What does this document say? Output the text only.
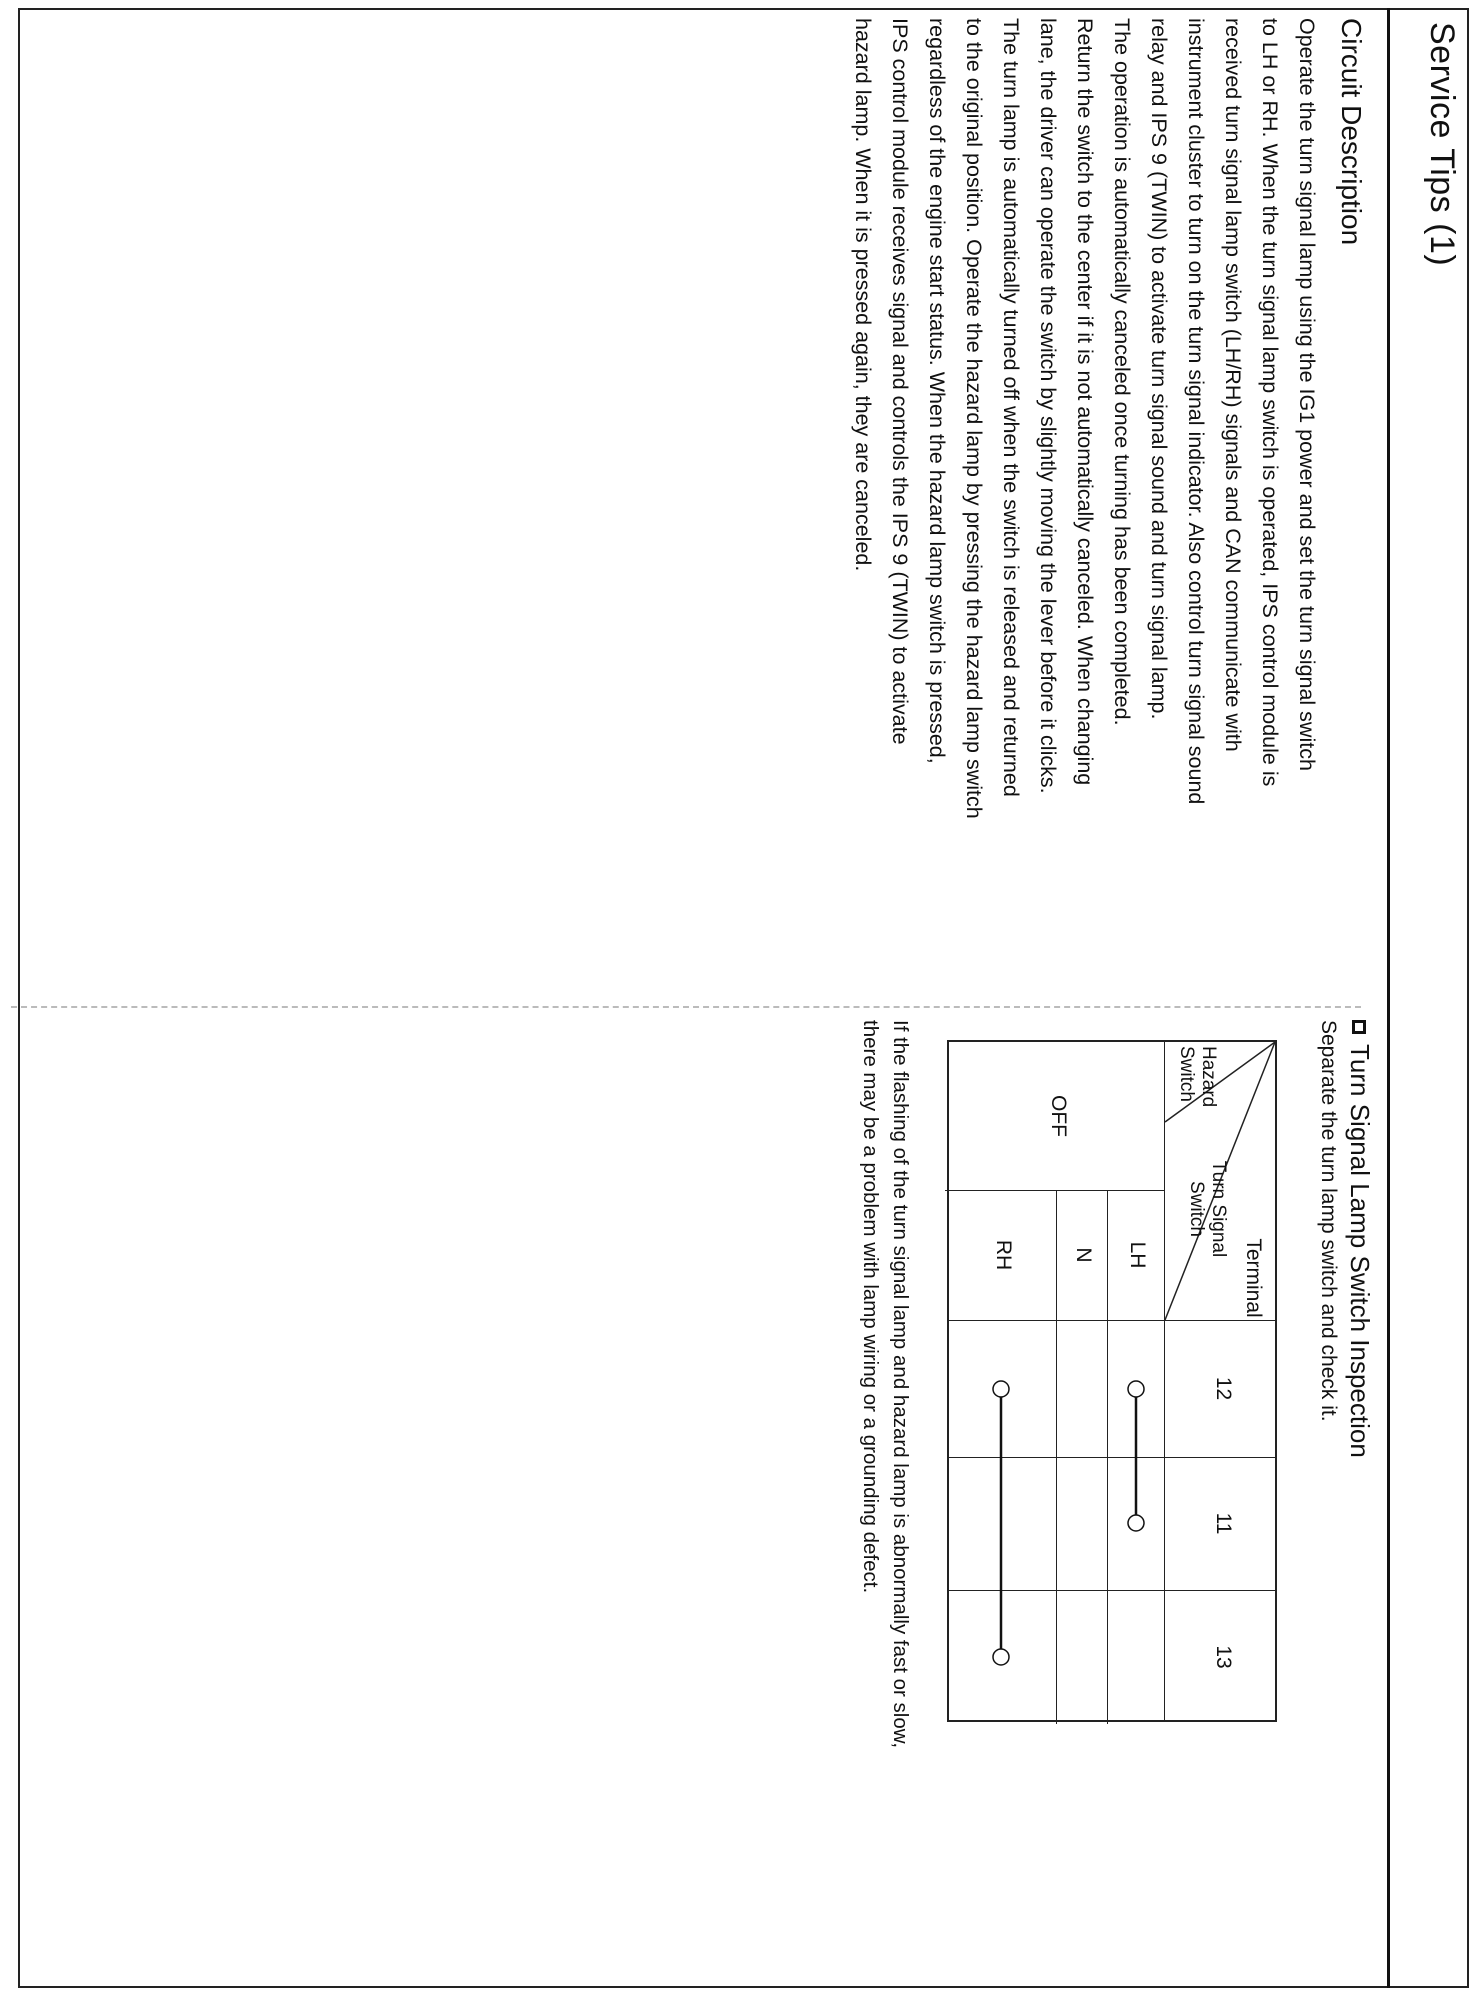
Service Tips (1)
Circuit Description

Operate the turn signal lamp using the IG1 power and set the turn signal switch

to LH or RH. When the turn signal lamp switch is operated, IPS control module is

received turn signal lamp switch (LH/RH) signals and CAN communicate with

instrument cluster to turn on the turn signal indicator. Also control turn signal sound

relay and IPS 9 (TWIN) to activate turn signal sound and turn signal lamp.

The operation is automatically canceled once turning has been completed.

Return the switch to the center if it is not automatically canceled. When changing

lane, the driver can operate the switch by slightly moving the lever before it clicks.

The turn lamp is automatically turned off when the switch is released and returned

to the original position. Operate the hazard lamp by pressing the hazard lamp switch

regardless of the engine start status. When the hazard lamp switch is pressed,

IPS control module receives signal and controls the IPS 9 (TWIN) to activate

hazard lamp. When it is pressed again, they are canceled.

Turn Signal Lamp Switch Inspection
Separate the turn lamp switch and check it.
Terminal
Turn Signal Switch
Hazard Switch
12
11
13
OFF
LH
N
RH
If the flashing of the turn signal lamp and hazard lamp is abnormally fast or slow,
there may be a problem with lamp wiring or a grounding defect.
